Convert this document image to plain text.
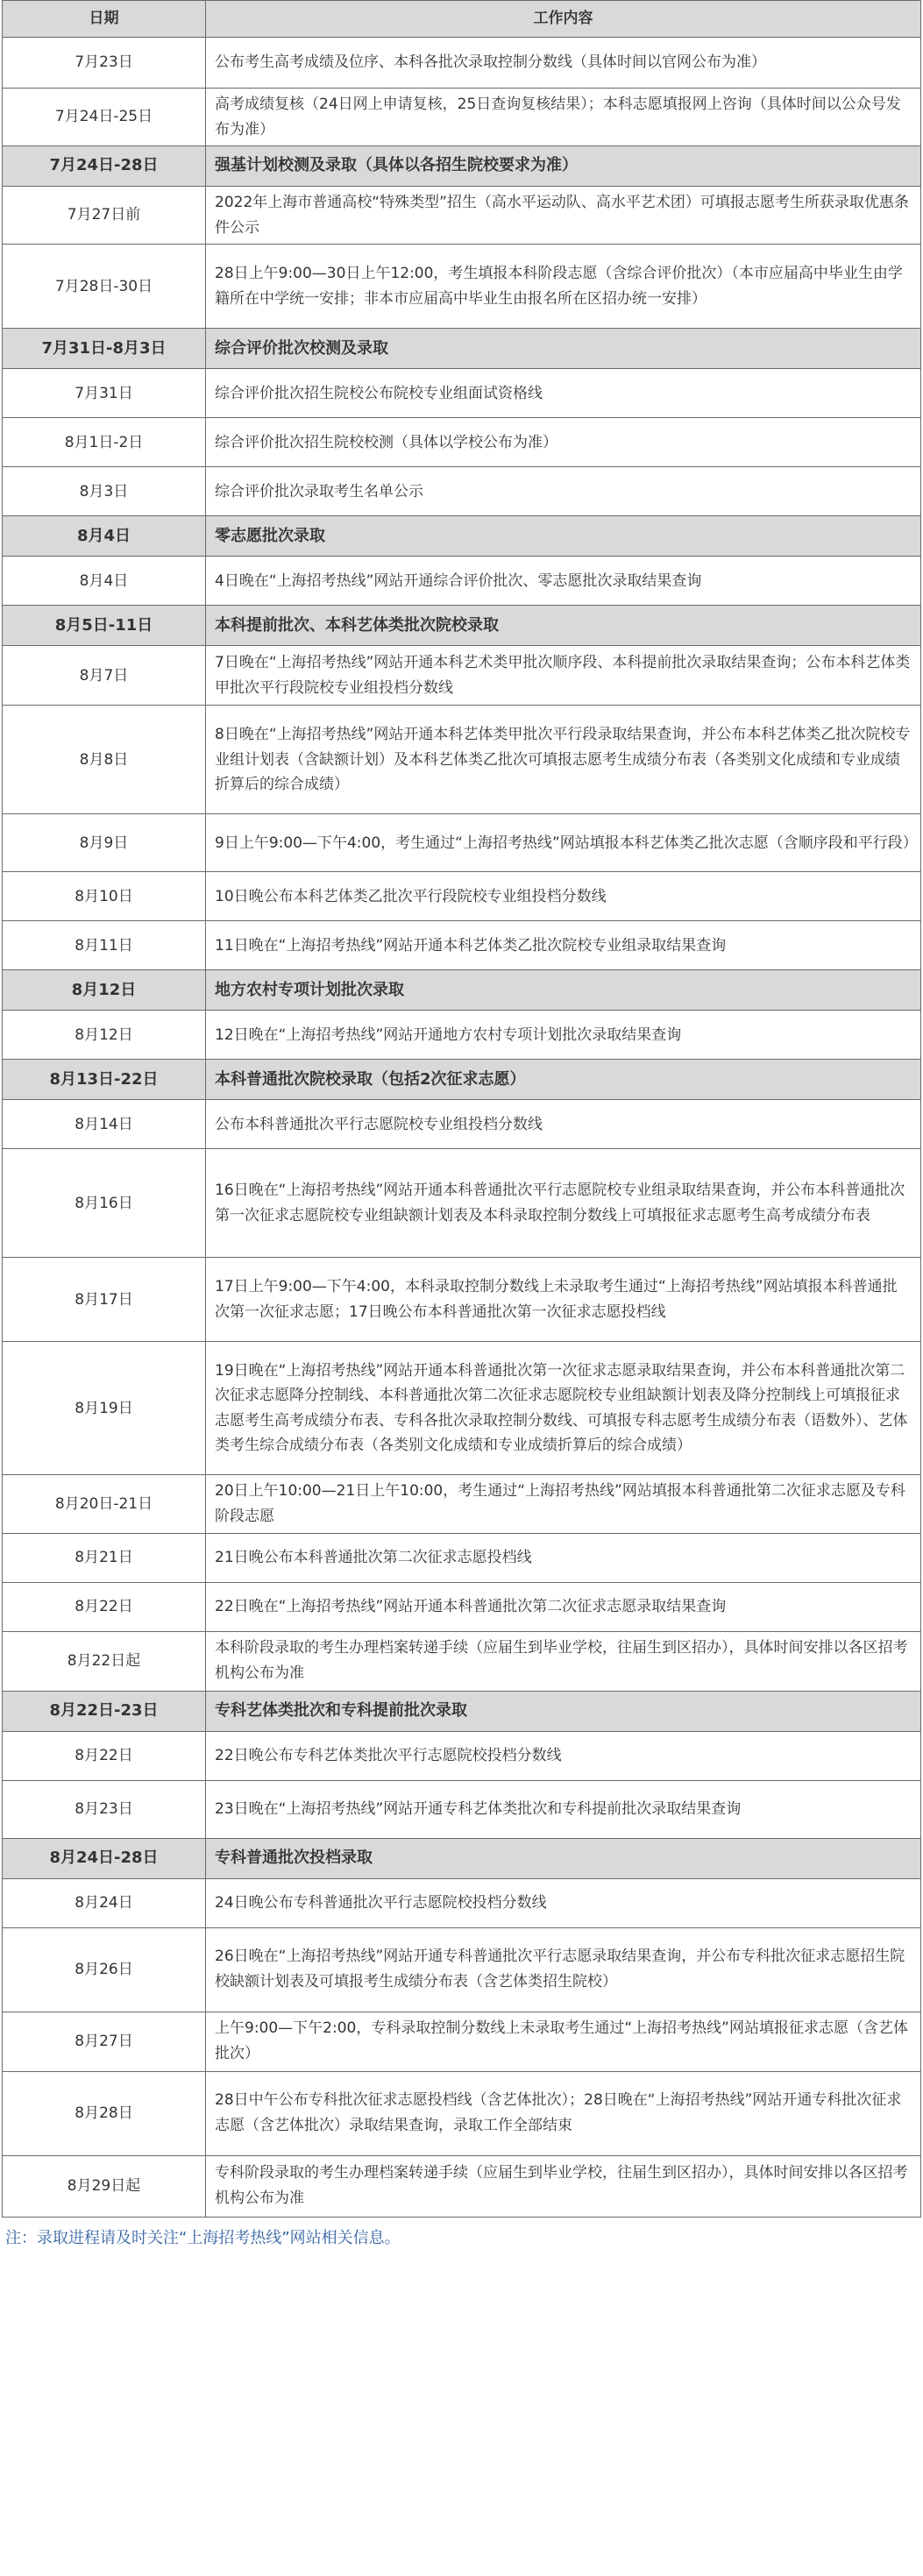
日期	工作内容
7月23日	公布考生高考成绩及位序、本科各批次录取控制分数线（具体时间以官网公布为准）
7月24日-25日	高考成绩复核（24日网上申请复核，25日查询复核结果）；本科志愿填报网上咨询（具体时间以公众号发布为准）
7月24日-28日	强基计划校测及录取（具体以各招生院校要求为准）
7月27日前	2022年上海市普通高校“特殊类型”招生（高水平运动队、高水平艺术团）可填报志愿考生所获录取优惠条件公示
7月28日-30日	28日上午9:00—30日上午12:00，考生填报本科阶段志愿（含综合评价批次）（本市应届高中毕业生由学籍所在中学统一安排；非本市应届高中毕业生由报名所在区招办统一安排）
7月31日-8月3日	综合评价批次校测及录取
7月31日	综合评价批次招生院校公布院校专业组面试资格线
8月1日-2日	综合评价批次招生院校校测（具体以学校公布为准）
8月3日	综合评价批次录取考生名单公示
8月4日	零志愿批次录取
8月4日	4日晚在“上海招考热线”网站开通综合评价批次、零志愿批次录取结果查询
8月5日-11日	本科提前批次、本科艺体类批次院校录取
8月7日	7日晚在“上海招考热线”网站开通本科艺术类甲批次顺序段、本科提前批次录取结果查询；公布本科艺体类甲批次平行段院校专业组投档分数线
8月8日	8日晚在“上海招考热线”网站开通本科艺体类甲批次平行段录取结果查询，并公布本科艺体类乙批次院校专业组计划表（含缺额计划）及本科艺体类乙批次可填报志愿考生成绩分布表（各类别文化成绩和专业成绩折算后的综合成绩）
8月9日	9日上午9:00—下午4:00，考生通过“上海招考热线”网站填报本科艺体类乙批次志愿（含顺序段和平行段）
8月10日	10日晚公布本科艺体类乙批次平行段院校专业组投档分数线
8月11日	11日晚在“上海招考热线”网站开通本科艺体类乙批次院校专业组录取结果查询
8月12日	地方农村专项计划批次录取
8月12日	12日晚在“上海招考热线”网站开通地方农村专项计划批次录取结果查询
8月13日-22日	本科普通批次院校录取（包括2次征求志愿）
8月14日	公布本科普通批次平行志愿院校专业组投档分数线
8月16日	16日晚在“上海招考热线”网站开通本科普通批次平行志愿院校专业组录取结果查询，并公布本科普通批次第一次征求志愿院校专业组缺额计划表及本科录取控制分数线上可填报征求志愿考生高考成绩分布表
8月17日	17日上午9:00—下午4:00，本科录取控制分数线上未录取考生通过“上海招考热线”网站填报本科普通批次第一次征求志愿；17日晚公布本科普通批次第一次征求志愿投档线
8月19日	19日晚在“上海招考热线”网站开通本科普通批次第一次征求志愿录取结果查询，并公布本科普通批次第二次征求志愿降分控制线、本科普通批次第二次征求志愿院校专业组缺额计划表及降分控制线上可填报征求志愿考生高考成绩分布表、专科各批次录取控制分数线、可填报专科志愿考生成绩分布表（语数外）、艺体类考生综合成绩分布表（各类别文化成绩和专业成绩折算后的综合成绩）
8月20日-21日	20日上午10:00—21日上午10:00，考生通过“上海招考热线”网站填报本科普通批第二次征求志愿及专科阶段志愿
8月21日	21日晚公布本科普通批次第二次征求志愿投档线
8月22日	22日晚在“上海招考热线”网站开通本科普通批次第二次征求志愿录取结果查询
8月22日起	本科阶段录取的考生办理档案转递手续（应届生到毕业学校，往届生到区招办），具体时间安排以各区招考机构公布为准
8月22日-23日	专科艺体类批次和专科提前批次录取
8月22日	22日晚公布专科艺体类批次平行志愿院校投档分数线
8月23日	23日晚在“上海招考热线”网站开通专科艺体类批次和专科提前批次录取结果查询
8月24日-28日	专科普通批次投档录取
8月24日	24日晚公布专科普通批次平行志愿院校投档分数线
8月26日	26日晚在“上海招考热线”网站开通专科普通批次平行志愿录取结果查询，并公布专科批次征求志愿招生院校缺额计划表及可填报考生成绩分布表（含艺体类招生院校）
8月27日	上午9:00—下午2:00，专科录取控制分数线上未录取考生通过“上海招考热线”网站填报征求志愿（含艺体批次）
8月28日	28日中午公布专科批次征求志愿投档线（含艺体批次）；28日晚在“上海招考热线”网站开通专科批次征求志愿（含艺体批次）录取结果查询，录取工作全部结束
8月29日起	专科阶段录取的考生办理档案转递手续（应届生到毕业学校，往届生到区招办），具体时间安排以各区招考机构公布为准
注：录取进程请及时关注“上海招考热线”网站相关信息。
